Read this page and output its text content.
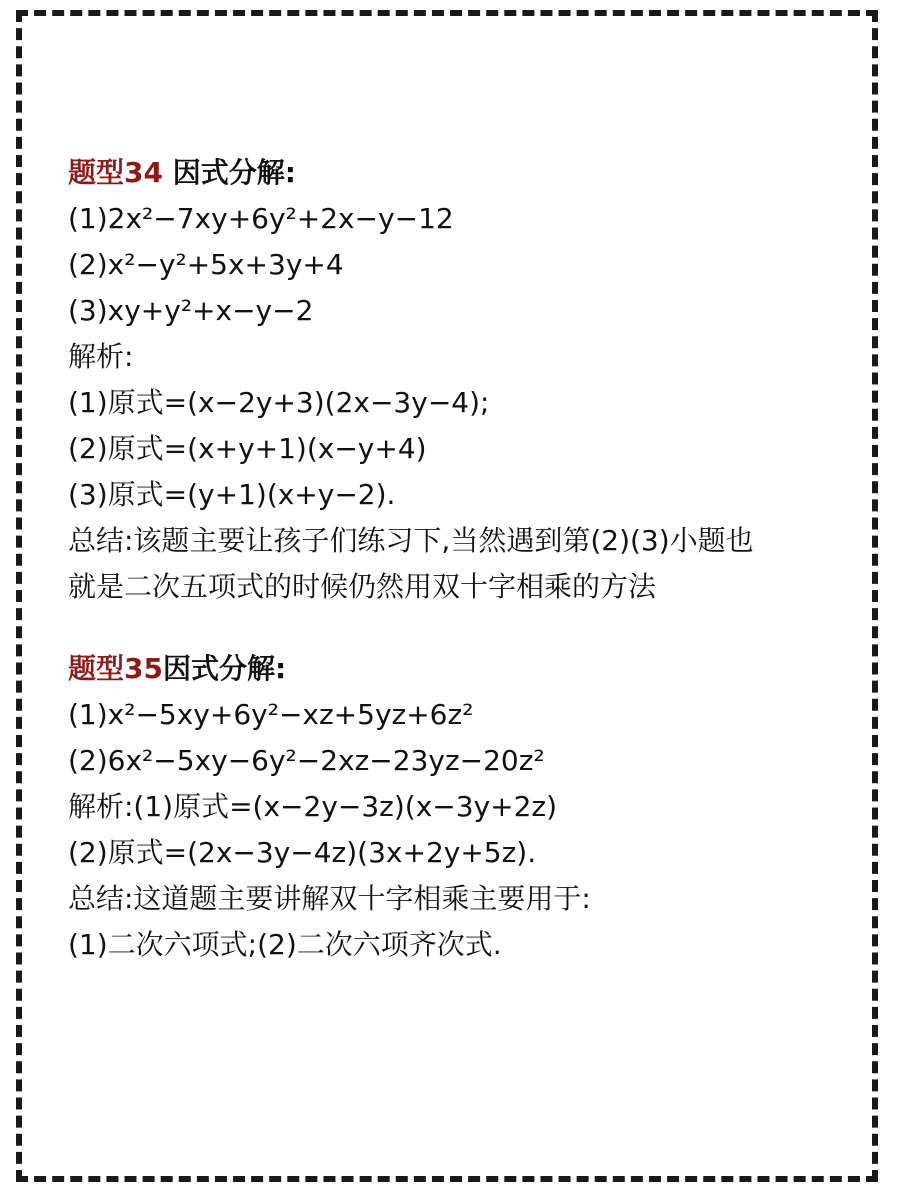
题型34 因式分解:
(1)2x²−7xy+6y²+2x−y−12
(2)x²−y²+5x+3y+4
(3)xy+y²+x−y−2
解析:
(1)原式=(x−2y+3)(2x−3y−4);
(2)原式=(x+y+1)(x−y+4)
(3)原式=(y+1)(x+y−2).
总结:该题主要让孩子们练习下,当然遇到第(2)(3)小题也
就是二次五项式的时候仍然用双十字相乘的方法
题型35因式分解:
(1)x²−5xy+6y²−xz+5yz+6z²
(2)6x²−5xy−6y²−2xz−23yz−20z²
解析:(1)原式=(x−2y−3z)(x−3y+2z)
(2)原式=(2x−3y−4z)(3x+2y+5z).
总结:这道题主要讲解双十字相乘主要用于:
(1)二次六项式;(2)二次六项齐次式.
